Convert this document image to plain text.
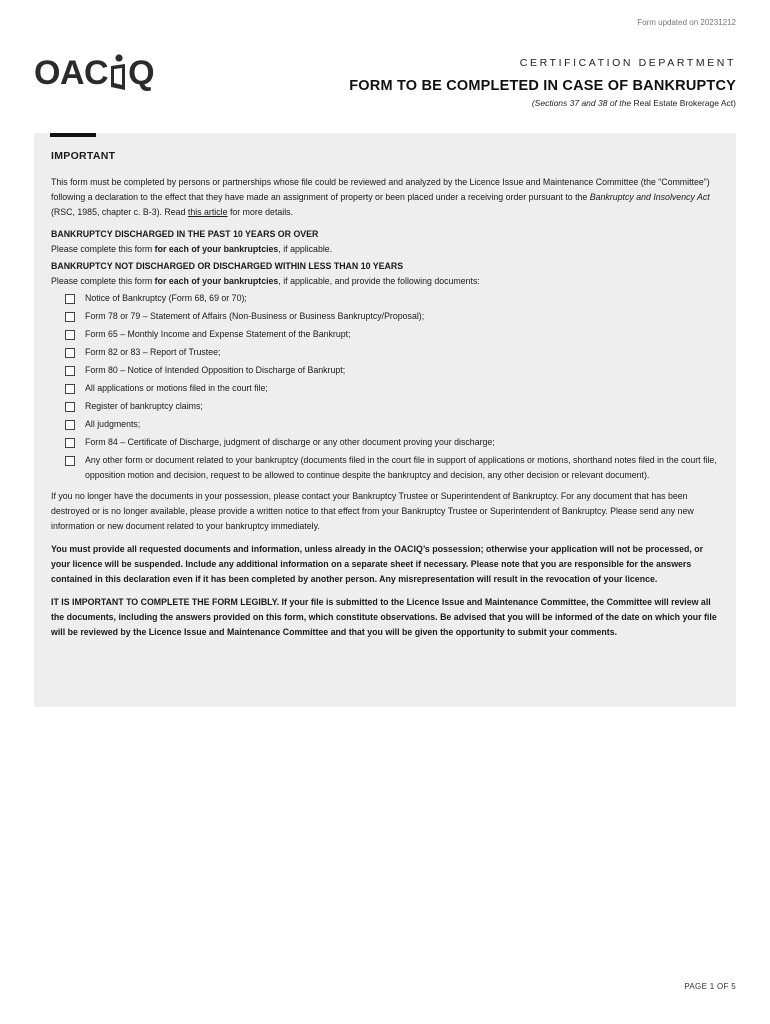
Form updated on 20231212
OAC Q	CERTIFICATION DEPARTMENT
FORM TO BE COMPLETED IN CASE OF BANKRUPTCY
(Sections 37 and 38 of the Real Estate Brokerage Act)
IMPORTANT

This form must be completed by persons or partnerships whose file could be reviewed and analyzed by the Licence Issue and Maintenance Committee (the “Committee”) following a declaration to the effect that they have made an assignment of property or been placed under a receiving order pursuant to the Bankruptcy and Insolvency Act (RSC, 1985, chapter c. B-3). Read this article for more details.

BANKRUPTCY DISCHARGED IN THE PAST 10 YEARS OR OVER

Please complete this form for each of your bankruptcies, if applicable.

BANKRUPTCY NOT DISCHARGED OR DISCHARGED WITHIN LESS THAN 10 YEARS

Please complete this form for each of your bankruptcies, if applicable, and provide the following documents:

Notice of Bankruptcy (Form 68, 69 or 70);
Form 78 or 79 – Statement of Affairs (Non-Business or Business Bankruptcy/Proposal);
Form 65 – Monthly Income and Expense Statement of the Bankrupt;
Form 82 or 83 – Report of Trustee;
Form 80 – Notice of Intended Opposition to Discharge of Bankrupt;
All applications or motions filed in the court file;
Register of bankruptcy claims;
All judgments;
Form 84 – Certificate of Discharge, judgment of discharge or any other document proving your discharge;
Any other form or document related to your bankruptcy (documents filed in the court file in support of applications or motions, shorthand notes filed in the court file, opposition motion and decision, request to be allowed to continue despite the bankruptcy and decision, any other decision or relevant document).

If you no longer have the documents in your possession, please contact your Bankruptcy Trustee or Superintendent of Bankruptcy. For any document that has been destroyed or is no longer available, please provide a written notice to that effect from your Bankruptcy Trustee or Superintendent of Bankruptcy. Please send any new information or new document related to your bankruptcy immediately.

You must provide all requested documents and information, unless already in the OACIQ’s possession; otherwise your application will not be processed, or your licence will be suspended. Include any additional information on a separate sheet if necessary. Please note that you are responsible for the answers contained in this declaration even if it has been completed by another person. Any misrepresentation will result in the revocation of your licence.

IT IS IMPORTANT TO COMPLETE THE FORM LEGIBLY. If your file is submitted to the Licence Issue and Maintenance Committee, the Committee will review all the documents, including the answers provided on this form, which constitute observations. Be advised that you will be informed of the date on which your file will be reviewed by the Licence Issue and Maintenance Committee and that you will be given the opportunity to submit your comments.

PAGE 1 OF 5
